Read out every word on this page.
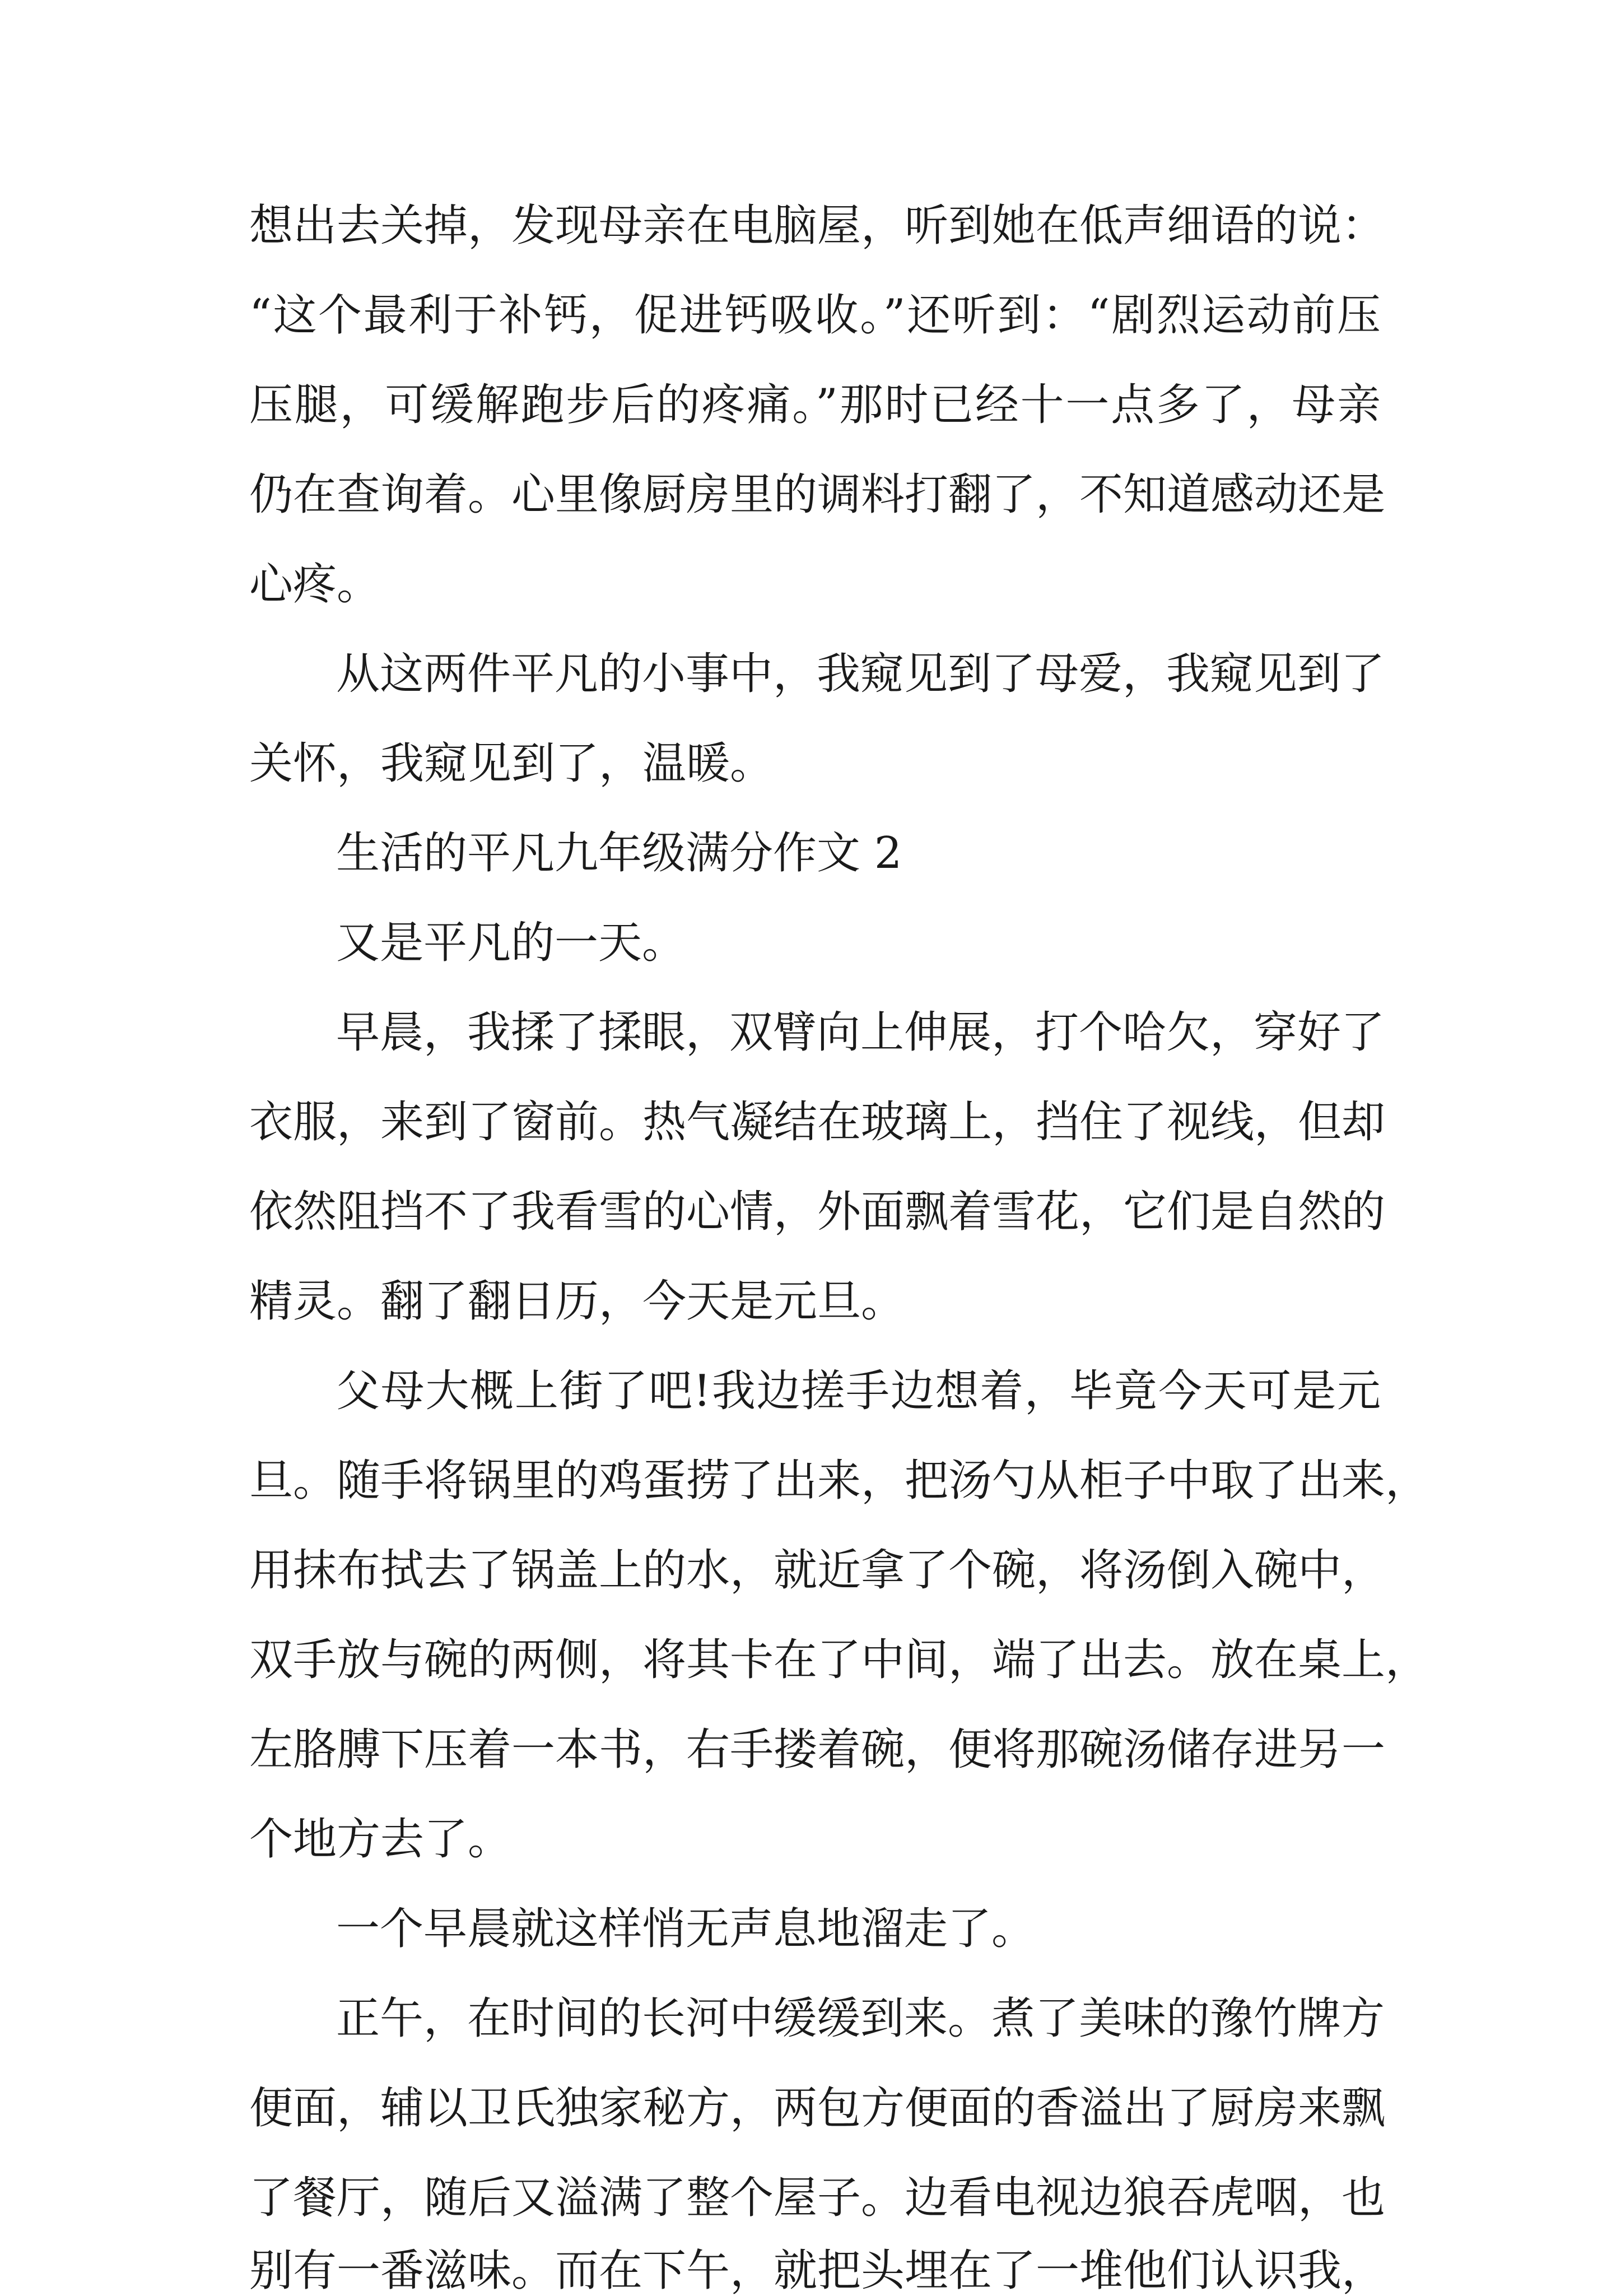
想出去关掉，发现母亲在电脑屋，听到她在低声细语的说：

“这个最利于补钙，促进钙吸收。”还听到：“剧烈运动前压

压腿，可缓解跑步后的疼痛。”那时已经十一点多了，母亲

仍在查询着。心里像厨房里的调料打翻了，不知道感动还是

心疼。

从这两件平凡的小事中，我窥见到了母爱，我窥见到了

关怀，我窥见到了，温暖。

生活的平凡九年级满分作文 2

又是平凡的一天。

早晨，我揉了揉眼，双臂向上伸展，打个哈欠，穿好了

衣服，来到了窗前。热气凝结在玻璃上，挡住了视线，但却

依然阻挡不了我看雪的心情，外面飘着雪花，它们是自然的

精灵。翻了翻日历，今天是元旦。

父母大概上街了吧!我边搓手边想着，毕竟今天可是元

旦。随手将锅里的鸡蛋捞了出来，把汤勺从柜子中取了出来，

用抹布拭去了锅盖上的水，就近拿了个碗，将汤倒入碗中，

双手放与碗的两侧，将其卡在了中间，端了出去。放在桌上，

左胳膊下压着一本书，右手搂着碗，便将那碗汤储存进另一

个地方去了。

一个早晨就这样悄无声息地溜走了。

正午，在时间的长河中缓缓到来。煮了美味的豫竹牌方

便面，辅以卫氏独家秘方，两包方便面的香溢出了厨房来飘

了餐厅，随后又溢满了整个屋子。边看电视边狼吞虎咽，也

别有一番滋味。而在下午，就把头埋在了一堆他们认识我，
